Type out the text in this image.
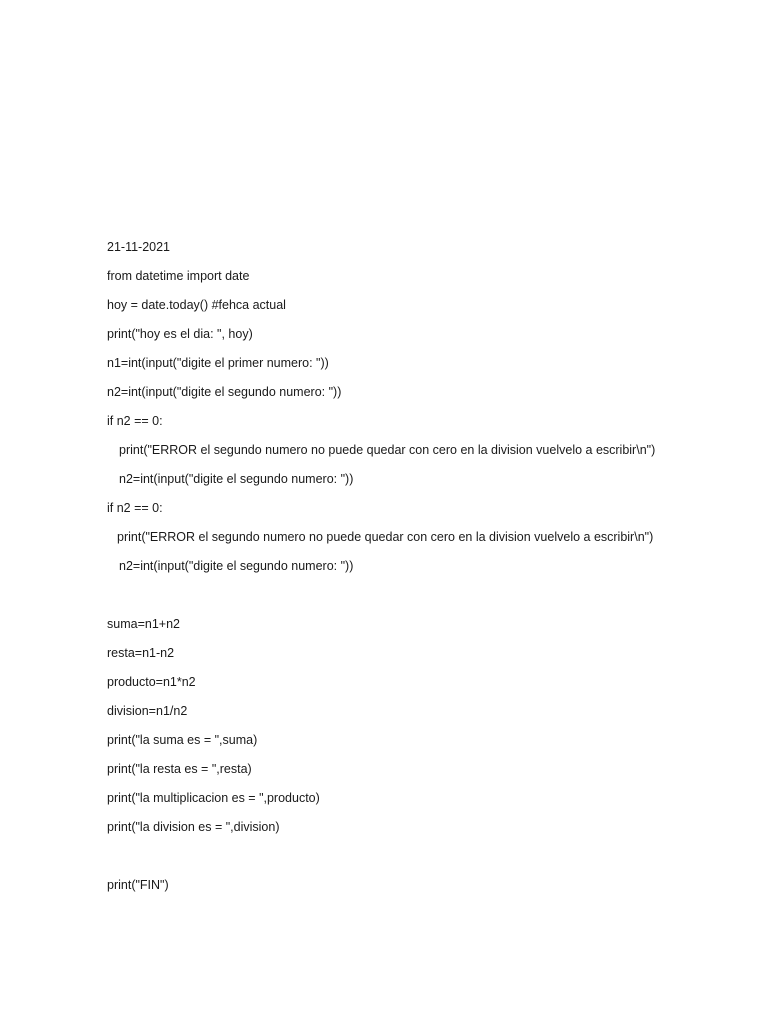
21-11-2021
from datetime import date
hoy = date.today() #fehca actual
print("hoy es el dia: ", hoy)
n1=int(input("digite el primer numero: "))
n2=int(input("digite el segundo numero: "))
if n2 == 0:
print("ERROR el segundo numero no puede quedar con cero en la division vuelvelo a escribir\n")
n2=int(input("digite el segundo numero: "))
if n2 == 0:
print("ERROR el segundo numero no puede quedar con cero en la division vuelvelo a escribir\n")
n2=int(input("digite el segundo numero: "))
suma=n1+n2
resta=n1-n2
producto=n1*n2
division=n1/n2
print("la suma es = ",suma)
print("la resta es = ",resta)
print("la multiplicacion es = ",producto)
print("la division es = ",division)
print("FIN")
